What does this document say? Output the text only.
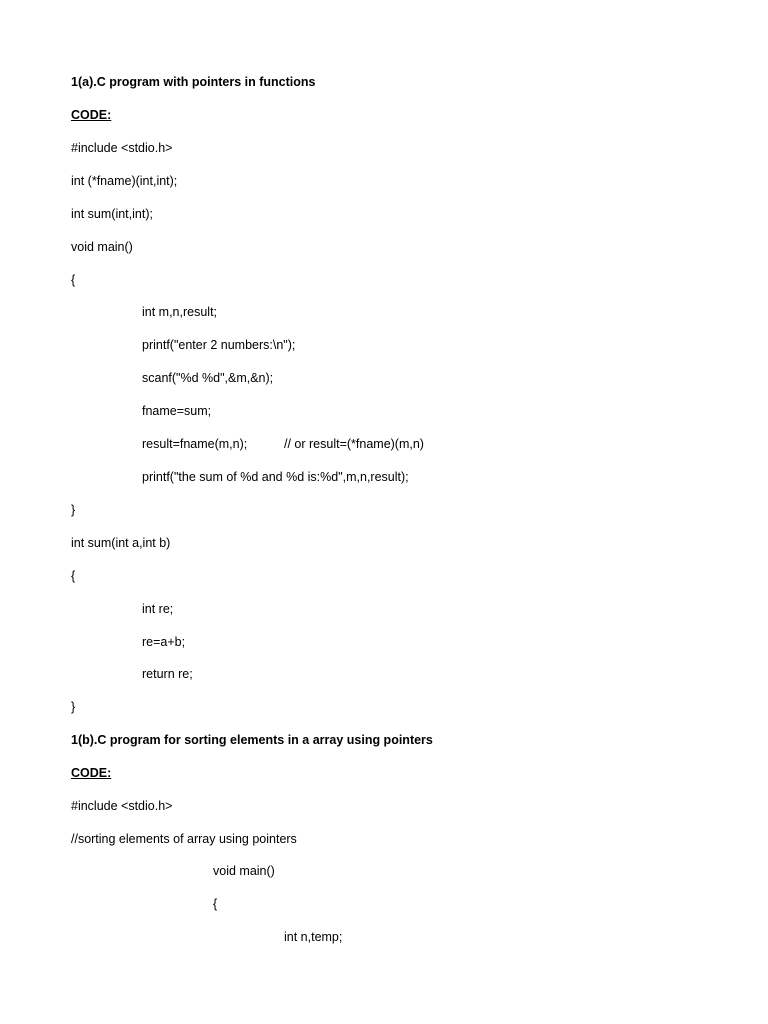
1(a).C program with pointers in functions
CODE:
#include <stdio.h>
int (*fname)(int,int);
int sum(int,int);
void main()
{
int m,n,result;
printf("enter 2 numbers:\n");
scanf("%d %d",&m,&n);
fname=sum;
result=fname(m,n);	// or result=(*fname)(m,n)
printf("the sum of %d and %d is:%d",m,n,result);
}
int sum(int a,int b)
{
int re;
re=a+b;
return re;
}
1(b).C program for sorting elements in a array using pointers
CODE:
#include <stdio.h>
//sorting elements of array using pointers
void main()
{
int n,temp;
